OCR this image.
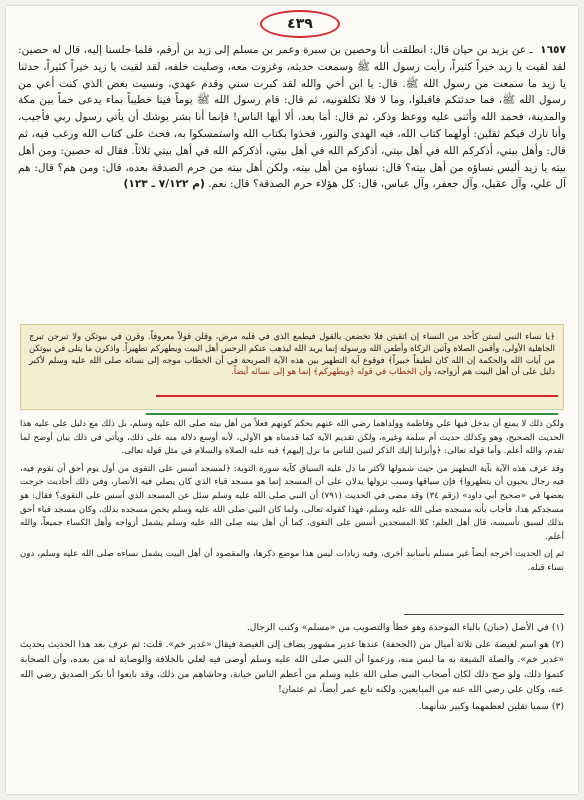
٤٣٩
١٦٥٧ ـ عن يزيد بن حيان قال: انطلقت أنا وحصين بن سبرة وعمر بن مسلم إلى زيد بن أرقم، فلما جلسنا إليه، قال له حصين: لقد لقيت يا زيد خيراً كثيراً، رأيت رسول الله ﷺ وسمعت حديثه، وغزوت معه، وصليت خلفه، لقد لقيت يا زيد خيراً كثيراً، حدثنا يا زيد ما سمعت من رسول الله ﷺ. قال: يا ابن أخي والله لقد كبرت سني وقدم عهدي، ونسيت بعض الذي كنت أعي من رسول الله ﷺ، فما حدثتكم فاقبلوا، وما لا فلا تكلفونيه، ثم قال: قام رسول الله ﷺ يوماً فينا خطيباً بماء يدعى خماً بين مكة والمدينة، فحمد الله وأثنى عليه ووعظ وذكر، ثم قال: أما بعد، ألا أيها الناس! فإنما أنا بشر يوشك أن يأتي رسول ربي فأجيب، وأنا تارك فيكم ثقلين: أولهما كتاب الله، فيه الهدى والنور، فخذوا بكتاب الله واستمسكوا به، فحث على كتاب الله ورغب فيه، ثم قال: وأهل بيتي، أذكركم الله في أهل بيتي، أذكركم الله في أهل بيتي، أذكركم الله في أهل بيتي ثلاثاً. فقال له حصين: ومن أهل بيته يا زيد أليس نساؤه من أهل بيته؟ قال: نساؤه من أهل بيته، ولكن أهل بيته من حرم الصدقة بعده، قال: ومن هم؟ قال: هم آل علي، وآل عقيل، وآل جعفر، وآل عباس، قال: كل هؤلاء حرم الصدقة؟ قال: نعم. (م ٧/١٢٢ ـ ١٢٣)
﴿يا نساء النبي لستن كأحد من النساء إن اتقيتن فلا تخضعن بالقول فيطمع الذي في قلبه مرض، وقلن قولاً معروفاً. وقرن في بيوتكن ولا تبرجن تبرج الجاهلية الأولى، وأقمن الصلاة وآتين الزكاة وأطعن الله ورسوله إنما يريد الله ليذهب عنكم الرجس أهل البيت ويطهركم تطهيراً. واذكرن ما يتلى في بيوتكن من آيات الله والحكمة إن الله كان لطيفاً خبيراً﴾ فوقوع آية التطهير بين هذه الآية الصريحة في أن الخطاب موجه إلى نسائه صلى الله عليه وسلم لأكبر دليل على أن أهل البيت هم أزواجه، وأن الخطاب في قوله ﴿ويطهركم﴾ إنما هو إلى نسائه أيضاً.

ولكن ذلك لا يمنع أن يدخل فيها علي وفاطمة وولداهما رضي الله عنهم بحكم كونهم فعلاً من أهل بيته صلى الله عليه وسلم، بل ذلك مع دليل على عليه هذا الحديث الصحيح، وهو وكذلك حديث أم سلمة وغيره، ولكن تقديم الآية كما قدمناه هو الأولى، لأنه أوسع دلالة منه على ذلك، ويأتي في ذلك بيان أوضح لما تقدم، والله أعلم. وأما قوله تعالى: ﴿وأنزلنا إليك الذكر لتبين للناس ما نزل إليهم﴾ فيه عليه الصلاة والسلام في مثل قوله تعالى.

وقد عرف هذه الآية بآية التطهير من حيث شمولها لأكثر ما دل عليه السياق كآية سورة التوبة: ﴿لمسجد أسس على التقوى من أول يوم أحق أن تقوم فيه، فيه رجال يحبون أن يتطهروا﴾ فإن سياقها وسبب نزولها يدلان على أن المسجد إنما هو مسجد قباء الذي كان يصلي فيه الأنصار، وفي ذلك أحاديث خرجت بعضها في «صحيح أبي داود» (رقم ٣٤) وقد مضى في الحديث (٧٩١) أن النبي صلى الله عليه وسلم سئل عن المسجد الذي أسس على التقوى؟ فقال: هو مسجدكم هذا، فأجاب بأنه مسجده صلى الله عليه وسلم، فهذا كقوله تعالى، ولما كان النبي صلى الله عليه وسلم يخص مسجده بذلك، وكان مسجد قباء أحق بذلك لسبق تأسيسه، قال أهل العلم: كلا المسجدين أسس على التقوى، كما أن أهل بيته صلى الله عليه وسلم يشمل أزواجه وأهل الكساء جميعاً، والله أعلم.

ثم إن الحديث أخرجه أيضاً غير مسلم بأسانيد أخرى، وفيه زيادات ليس هذا موضع ذكرها، والمقصود أن أهل البيت يشمل نساءه صلى الله عليه وسلم، دون نساء قبله.

(١) في الأصل (حبان) بالباء الموحدة وهو خطأ والتصويب من «مسلم» وكتب الرجال.

(٢) هو اسم لغيضة على ثلاثة أميال من (الجحفة) عندها غدير مشهور يضاف إلى الغيضة فيقال «غدير خم». قلت: ثم عرف بعد هذا الحديث بحديث «غدير خم». والصلة الشيعة به ما ليس منه، وزعموا أن النبي صلى الله عليه وسلم أوصى فيه لعلي بالخلافة والوصاية له من بعده، وأن الصحابة كتموا ذلك، ولو صح ذلك لكان أصحاب النبي صلى الله عليه وسلم من أعظم الناس خيانة، وحاشاهم من ذلك، وقد بايعوا أبا بكر الصديق رضي الله عنه، وكان علي رضي الله عنه من المبايعين، ولكنه تابع عمر أيضاً، ثم عثمان!

(٣) سميا ثقلين لعظمهما وكبير شأنهما.
